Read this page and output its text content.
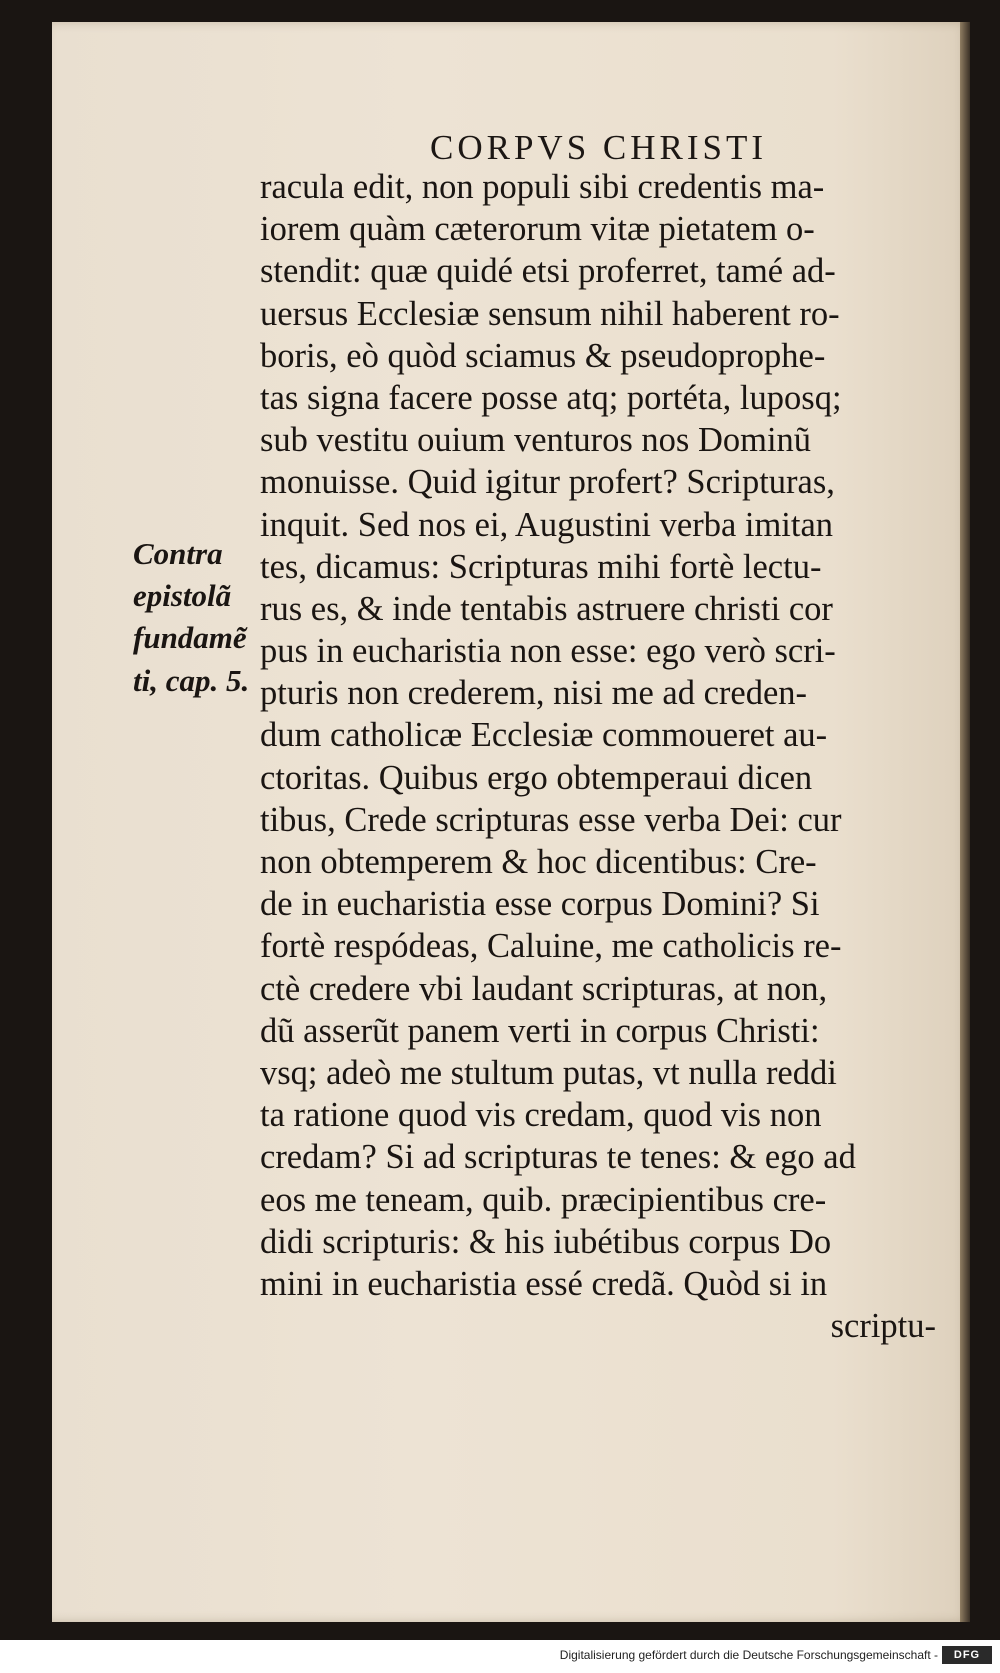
CORPVS CHRISTI
Contra
epistolã
fundamẽ
ti, cap. 5.
racula edit, non populi sibi credentis ma-
iorem quàm cæterorum vitæ pietatem o-
stendit: quæ quidé etsi proferret, tamé ad-
uersus Ecclesiæ sensum nihil haberent ro-
boris, eò quòd sciamus & pseudoprophe-
tas signa facere posse atq; portéta, luposq;
sub vestitu ouium venturos nos Dominũ
monuisse. Quid igitur profert? Scripturas,
inquit. Sed nos ei, Augustini verba imitan
tes, dicamus: Scripturas mihi fortè lectu-
rus es, & inde tentabis astruere christi cor
pus in eucharistia non esse: ego verò scri-
pturis non crederem, nisi me ad creden-
dum catholicæ Ecclesiæ commoueret au-
ctoritas. Quibus ergo obtemperaui dicen
tibus, Crede scripturas esse verba Dei: cur
non obtemperem & hoc dicentibus: Cre-
de in eucharistia esse corpus Domini? Si
fortè respódeas, Caluine, me catholicis re-
ctè credere vbi laudant scripturas, at non,
dũ asserũt panem verti in corpus Christi:
vsq; adeò me stultum putas, vt nulla reddi
ta ratione quod vis credam, quod vis non
credam? Si ad scripturas te tenes: & ego ad
eos me teneam, quib. præcipientibus cre-
didi scripturis: & his iubétibus corpus Do
mini in eucharistia essé credã. Quòd si in
scriptu-
Digitalisierung gefördert durch die Deutsche Forschungsgemeinschaft -	DFG
